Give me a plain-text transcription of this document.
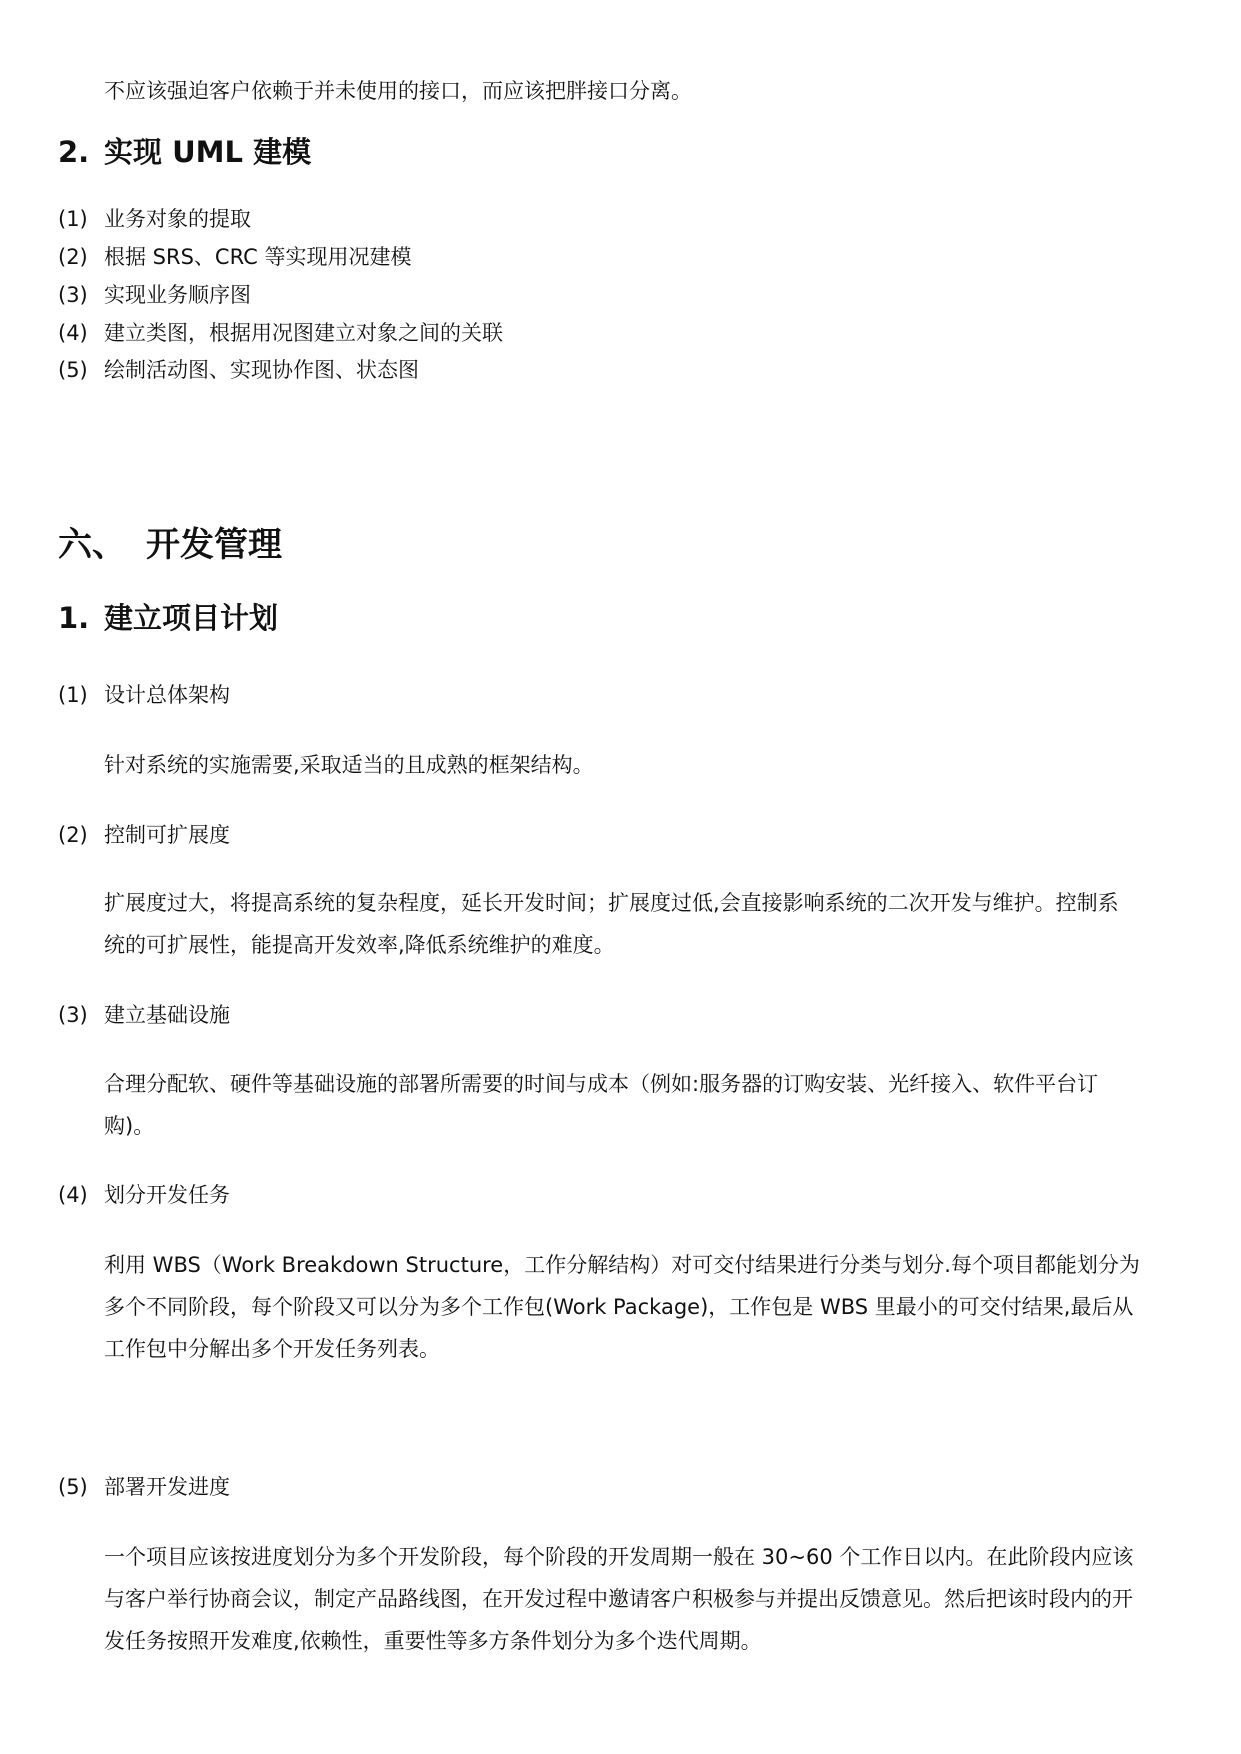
不应该强迫客户依赖于并未使用的接口，而应该把胖接口分离。

2. 实现 UML 建模

(1) 业务对象的提取

(2) 根据 SRS、CRC 等实现用况建模

(3) 实现业务顺序图

(4) 建立类图，根据用况图建立对象之间的关联

(5) 绘制活动图、实现协作图、状态图

六、 开发管理

1. 建立项目计划

(1) 设计总体架构

针对系统的实施需要,采取适当的且成熟的框架结构。

(2) 控制可扩展度

扩展度过大，将提高系统的复杂程度，延长开发时间；扩展度过低,会直接影响系统的二次开发与维护。控制系

统的可扩展性，能提高开发效率,降低系统维护的难度。

(3) 建立基础设施

合理分配软、硬件等基础设施的部署所需要的时间与成本（例如:服务器的订购安装、光纤接入、软件平台订

购)。

(4) 划分开发任务

利用 WBS（Work Breakdown Structure，工作分解结构）对可交付结果进行分类与划分.每个项目都能划分为

多个不同阶段，每个阶段又可以分为多个工作包(Work Package)，工作包是 WBS 里最小的可交付结果,最后从

工作包中分解出多个开发任务列表。

(5) 部署开发进度

一个项目应该按进度划分为多个开发阶段，每个阶段的开发周期一般在 30~60 个工作日以内。在此阶段内应该

与客户举行协商会议，制定产品路线图，在开发过程中邀请客户积极参与并提出反馈意见。然后把该时段内的开

发任务按照开发难度,依赖性，重要性等多方条件划分为多个迭代周期。
